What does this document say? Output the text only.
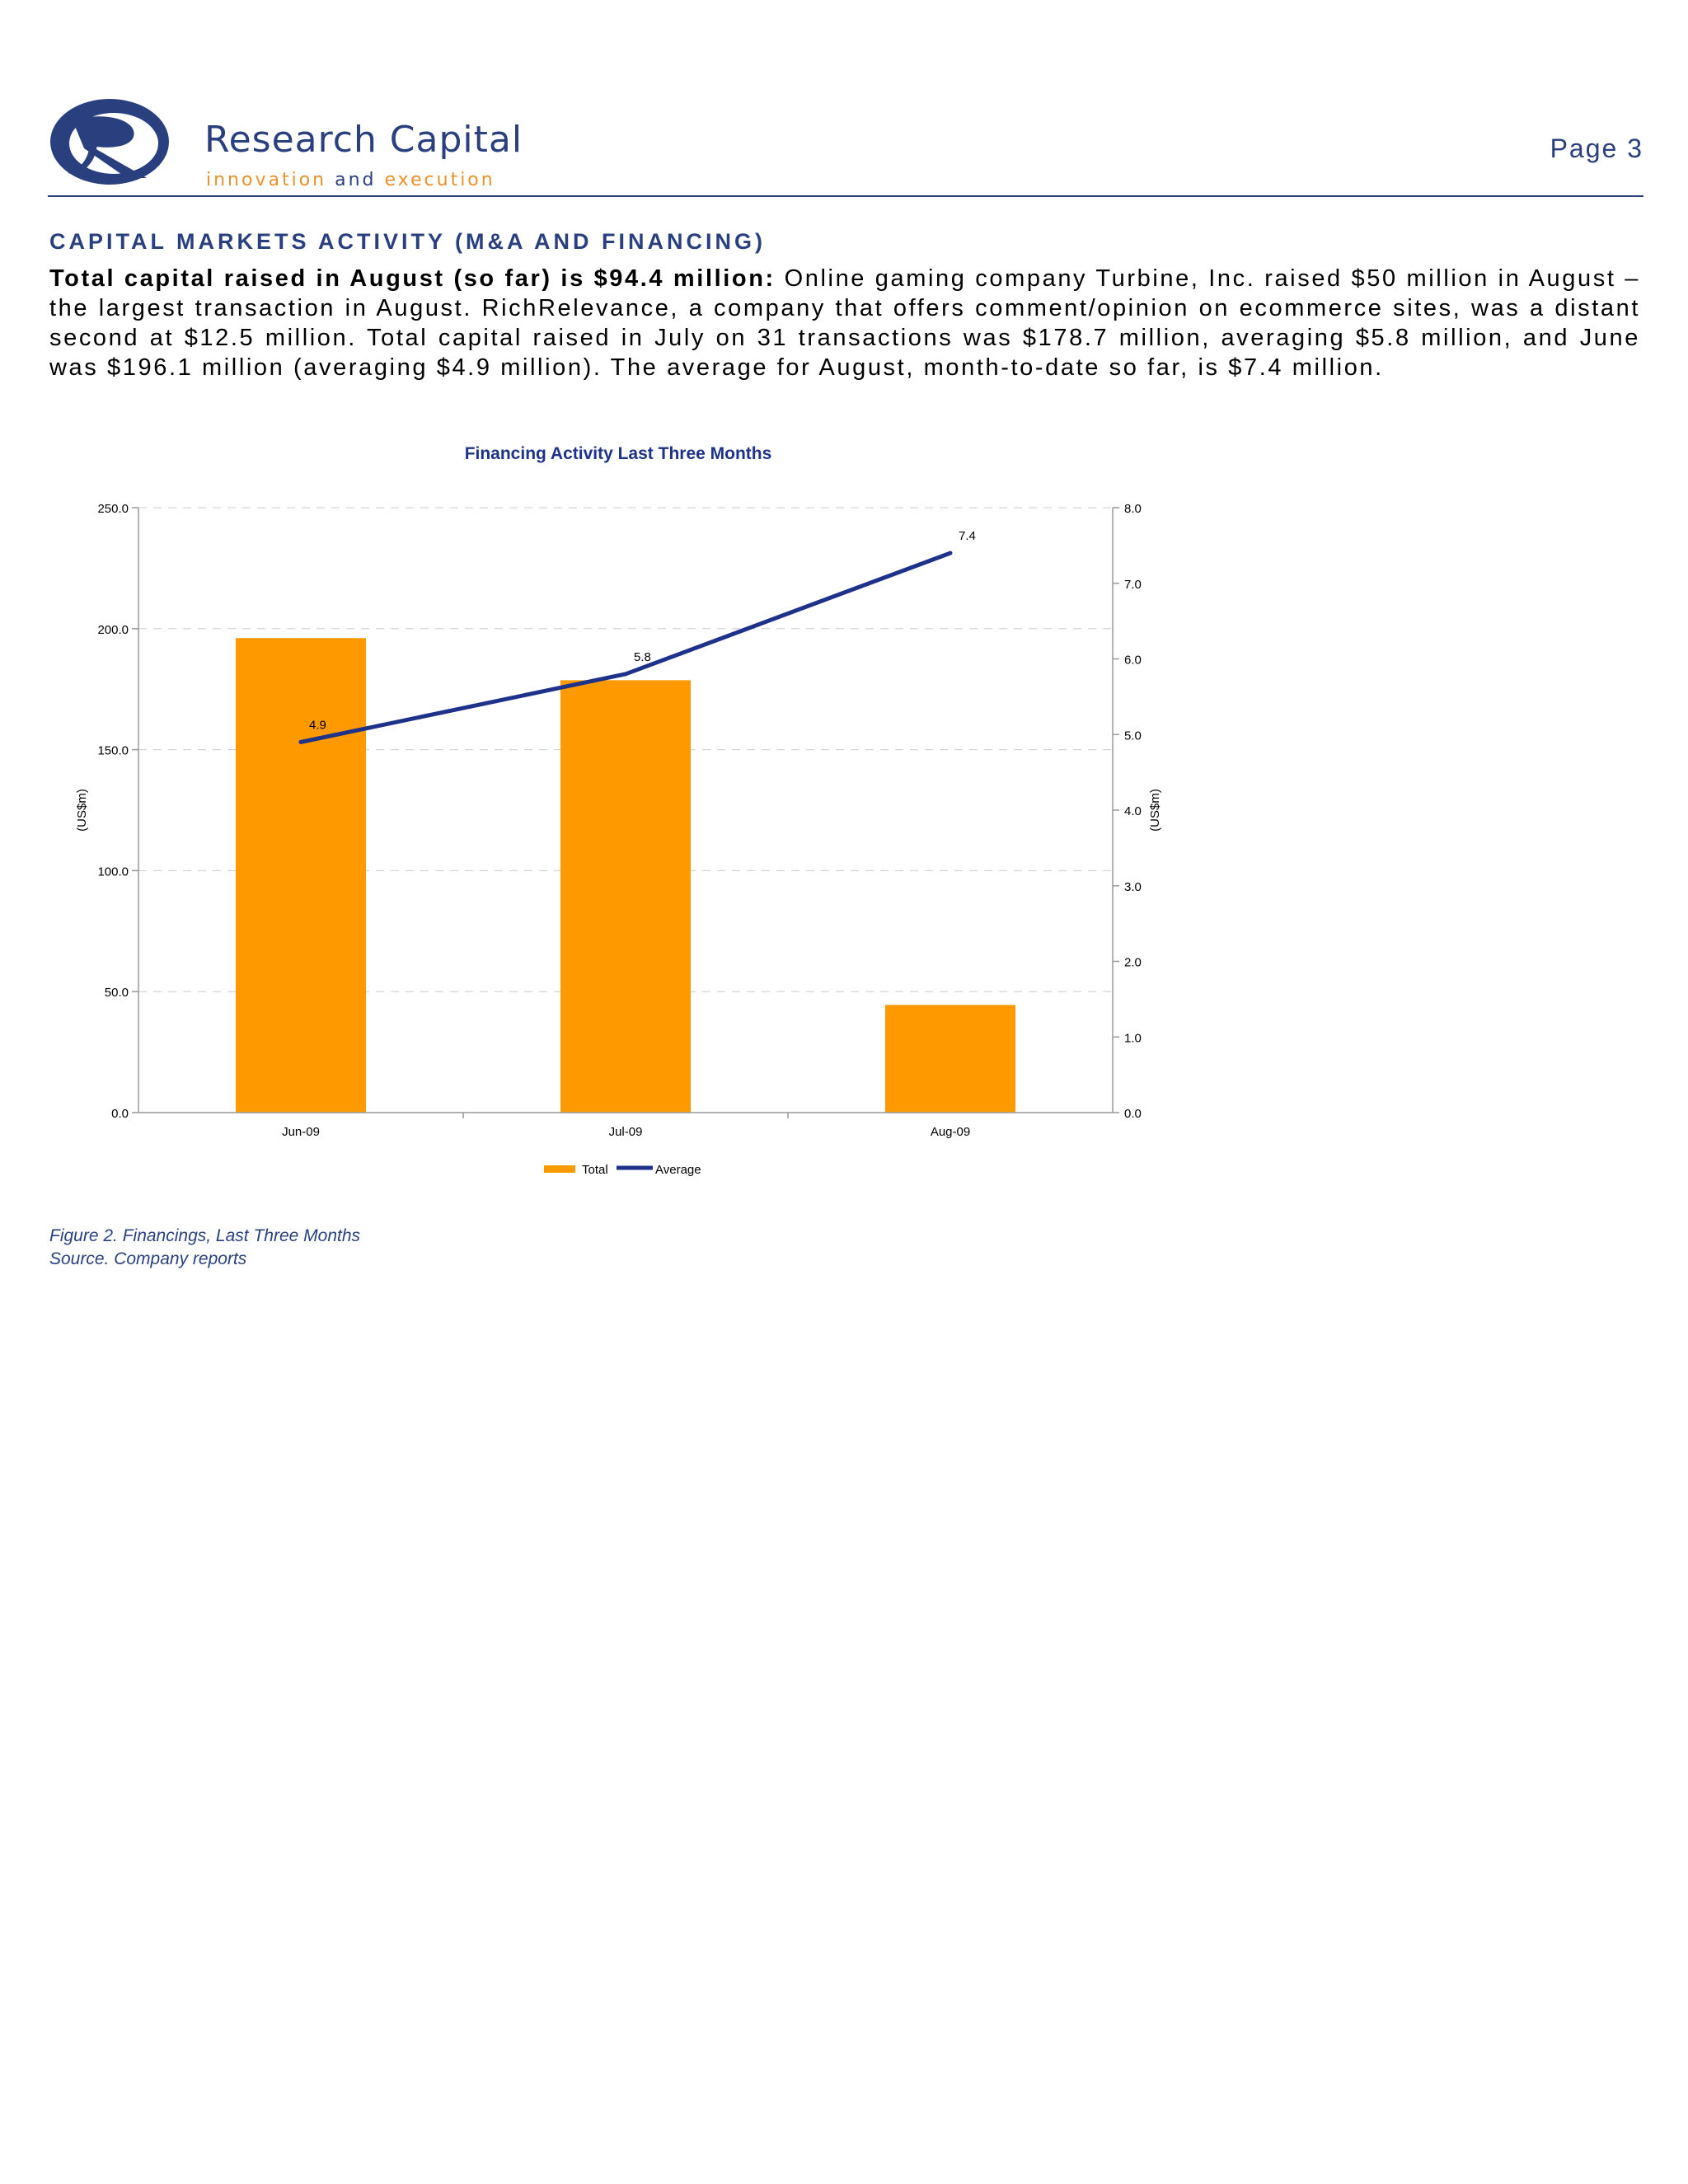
Research Capital
innovation and execution
Page 3
CAPITAL MARKETS ACTIVITY (M&A AND FINANCING)
Total capital raised in August (so far) is $94.4 million: Online gaming company Turbine, Inc. raised $50 million in August – the largest transaction in August. RichRelevance, a company that offers comment/opinion on ecommerce sites, was a distant second at $12.5 million. Total capital raised in July on 31 transactions was $178.7 million, averaging $5.8 million, and June was $196.1 million (averaging $4.9 million). The average for August, month-to-date so far, is $7.4 million.
Financing Activity Last Three Months
0.0
50.0
100.0
150.0
200.0
250.0
0.0
1.0
2.0
3.0
4.0
5.0
6.0
7.0
8.0
Jun-09	Jul-09	Aug-09
(US$m)	(US$m)
4.9
5.8
7.4
Total	Average
Figure 2. Financings, Last Three Months
Source. Company reports
